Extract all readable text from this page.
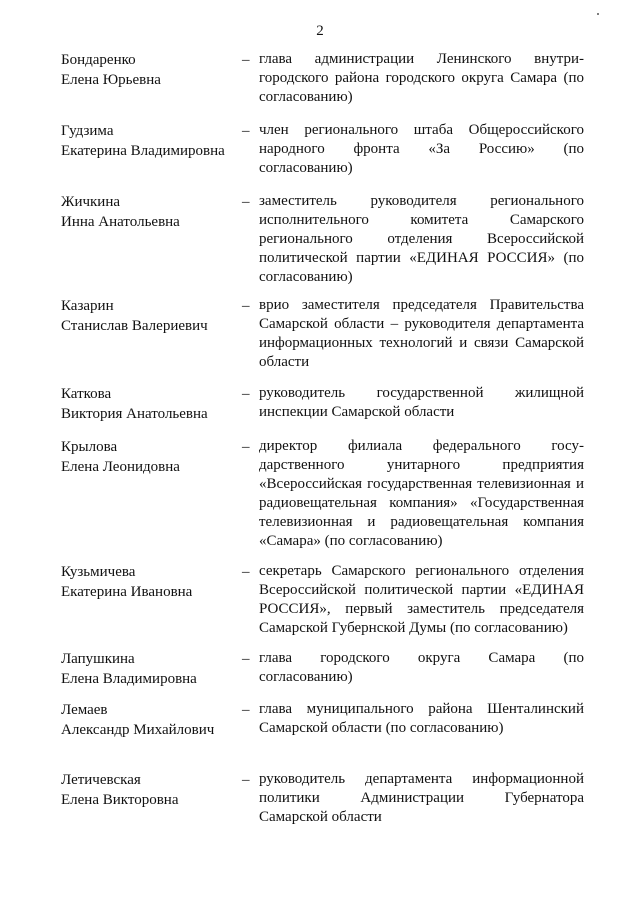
2
Бондаренко
Елена Юрьевна
– глава администрации Ленинского внутри-
городского района городского округа Самара (по
согласованию)
Гудзима
Екатерина Владимировна
– член регионального штаба Общероссийского
народного фронта «За Россию» (по
согласованию)
Жичкина
Инна Анатольевна
– заместитель руководителя регионального
исполнительного комитета Самарского
регионального отделения Всероссийской
политической партии «ЕДИНАЯ РОССИЯ» (по
согласованию)
Казарин
Станислав Валериевич
– врио заместителя председателя Правительства
Самарской области – руководителя департамента
информационных технологий и связи Самарской
области
Каткова
Виктория Анатольевна
– руководитель государственной жилищной
инспекции Самарской области
Крылова
Елена Леонидовна
– директор филиала федерального госу-
дарственного унитарного предприятия
«Всероссийская государственная телевизионная и
радиовещательная компания» «Государственная
телевизионная и радиовещательная компания
«Самара» (по согласованию)
Кузьмичева
Екатерина Ивановна
– секретарь Самарского регионального отделения
Всероссийской политической партии «ЕДИНАЯ
РОССИЯ», первый заместитель председателя
Самарской Губернской Думы (по согласованию)
Лапушкина
Елена Владимировна
– глава городского округа Самара (по
согласованию)
Лемаев
Александр Михайлович
– глава муниципального района Шенталинский
Самарской области (по согласованию)
Летичевская
Елена Викторовна
– руководитель департамента информационной
политики Администрации Губернатора
Самарской области
